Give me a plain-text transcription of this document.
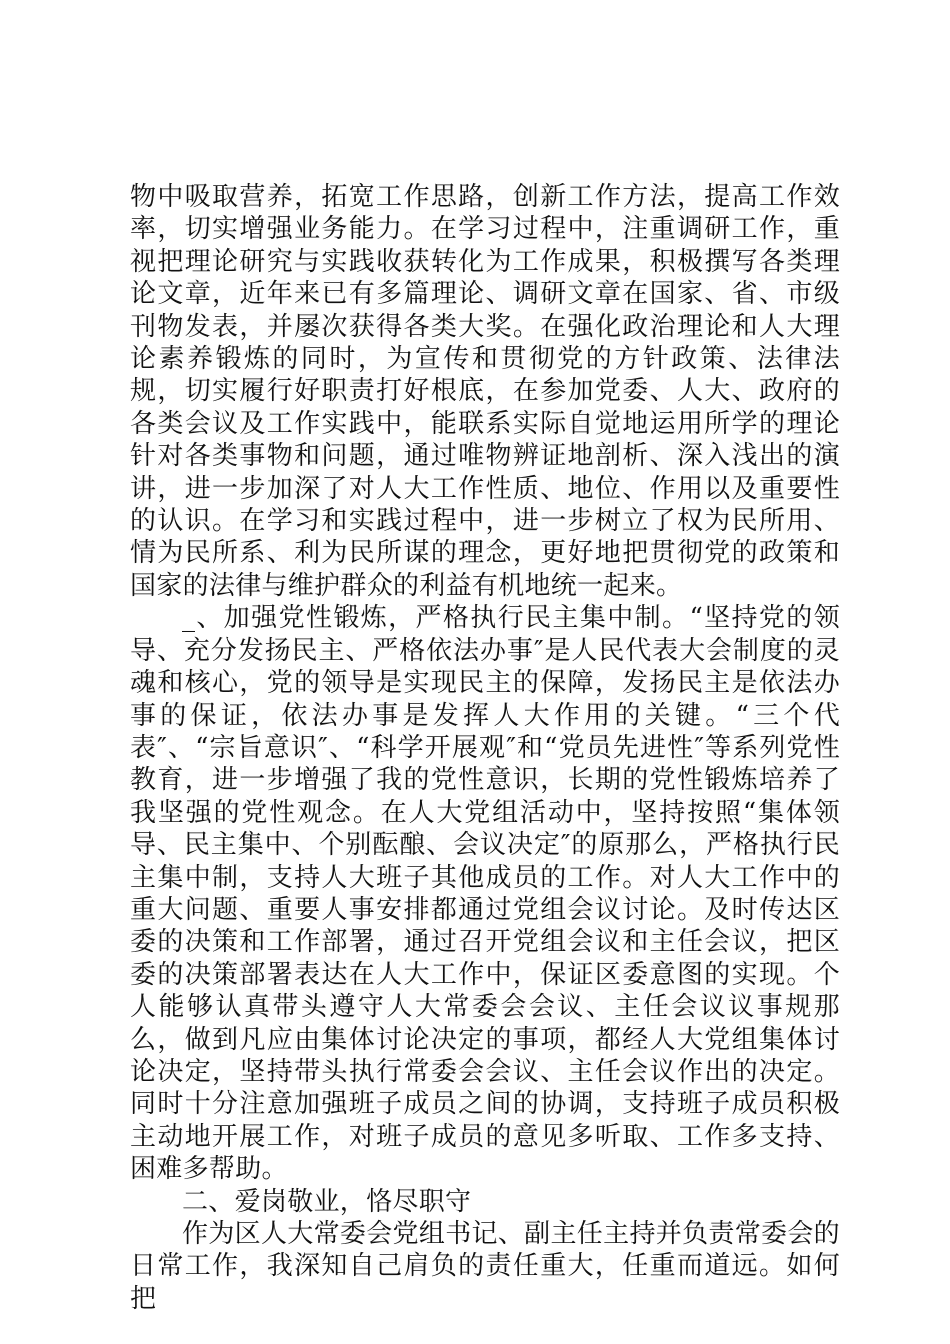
物中吸取营养，拓宽工作思路，创新工作方法，提高工作效率，切实增强业务能力。在学习过程中，注重调研工作，重视把理论研究与实践收获转化为工作成果，积极撰写各类理论文章，近年来已有多篇理论、调研文章在国家、省、市级刊物发表，并屡次获得各类大奖。在强化政治理论和人大理论素养锻炼的同时，为宣传和贯彻党的方针政策、法律法规，切实履行好职责打好根底，在参加党委、人大、政府的各类会议及工作实践中，能联系实际自觉地运用所学的理论针对各类事物和问题，通过唯物辨证地剖析、深入浅出的演讲，进一步加深了对人大工作性质、地位、作用以及重要性的认识。在学习和实践过程中，进一步树立了权为民所用、情为民所系、利为民所谋的理念，更好地把贯彻党的政策和国家的法律与维护群众的利益有机地统一起来。

_、加强党性锻炼，严格执行民主集中制。“坚持党的领导、充分发扬民主、严格依法办事″是人民代表大会制度的灵魂和核心，党的领导是实现民主的保障，发扬民主是依法办事的保证，依法办事是发挥人大作用的关键。“三个代表″、“宗旨意识″、“科学开展观″和“党员先进性″等系列党性教育，进一步增强了我的党性意识，长期的党性锻炼培养了我坚强的党性观念。在人大党组活动中，坚持按照“集体领导、民主集中、个别酝酿、会议决定″的原那么，严格执行民主集中制，支持人大班子其他成员的工作。对人大工作中的重大问题、重要人事安排都通过党组会议讨论。及时传达区委的决策和工作部署，通过召开党组会议和主任会议，把区委的决策部署表达在人大工作中，保证区委意图的实现。个人能够认真带头遵守人大常委会会议、主任会议议事规那么，做到凡应由集体讨论决定的事项，都经人大党组集体讨论决定，坚持带头执行常委会会议、主任会议作出的决定。同时十分注意加强班子成员之间的协调，支持班子成员积极主动地开展工作，对班子成员的意见多听取、工作多支持、困难多帮助。

二、爱岗敬业，恪尽职守

作为区人大常委会党组书记、副主任主持并负责常委会的日常工作，我深知自己肩负的责任重大，任重而道远。如何把
